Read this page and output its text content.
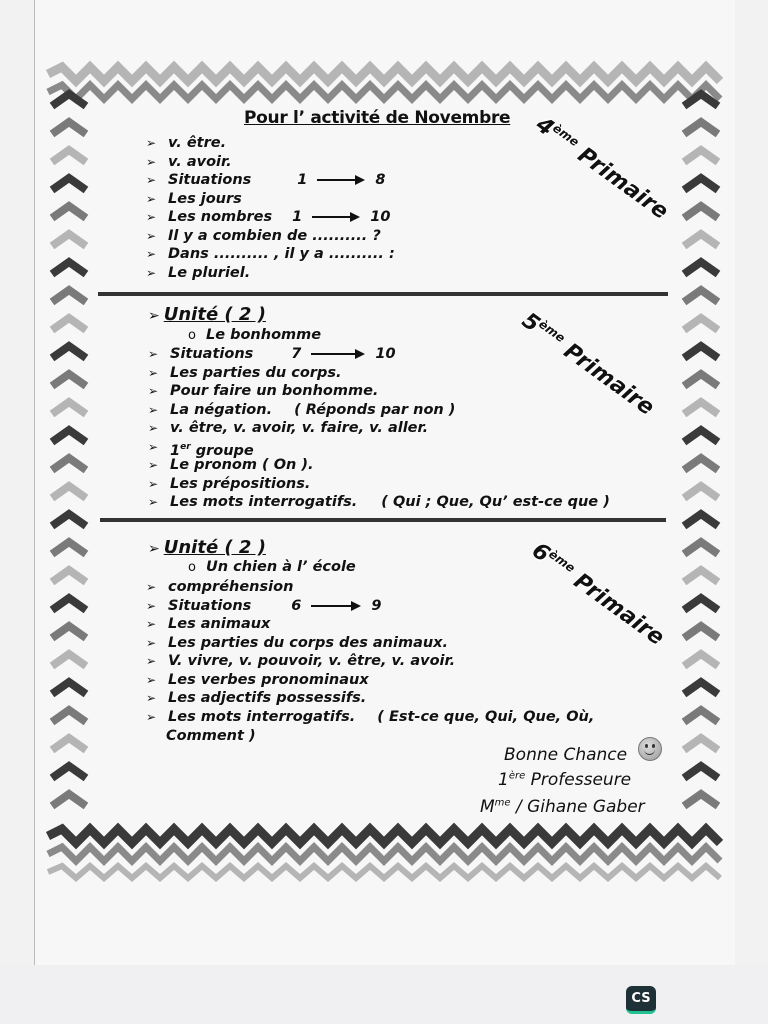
Pour l’ activité de Novembre
➢ v. être.
➢ v. avoir.
➢ Situations	1	8
➢ Les jours
➢ Les nombres 1	10
➢ Il y a combien de .......... ?
➢ Dans .......... , il y a .......... :
➢ Le pluriel.
4ème Primaire
➢ Unité ( 2 )
o Le bonhomme
➢ Situations	7	10
➢ Les parties du corps.
➢ Pour faire un bonhomme.
➢ La négation. ( Réponds par non )
➢ v. être, v. avoir, v. faire, v. aller.
➢ 1er groupe
➢ Le pronom ( On ).
➢ Les prépositions.
➢ Les mots interrogatifs. ( Qui ; Que, Qu’ est-ce que )
5ème Primaire
➢ Unité ( 2 )
o Un chien à l’ école
➢ compréhension
➢ Situations	6	9
➢ Les animaux
➢ Les parties du corps des animaux.
➢ V. vivre, v. pouvoir, v. être, v. avoir.
➢ Les verbes pronominaux
➢ Les adjectifs possessifs.
➢ Les mots interrogatifs. ( Est-ce que, Qui, Que, Où,
Comment )
6ème Primaire
Bonne Chance
1ère Professeure
$M^{me}$ / Gihane Gaber
CS
